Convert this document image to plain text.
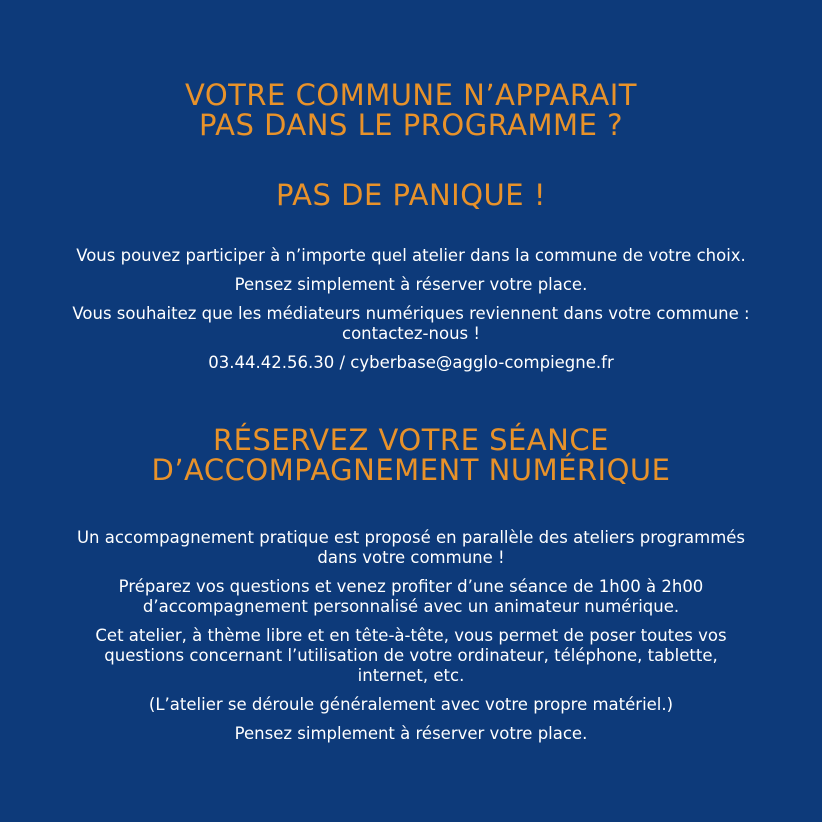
VOTRE COMMUNE N’APPARAIT

PAS DANS LE PROGRAMME ?

PAS DE PANIQUE !

Vous pouvez participer à n’importe quel atelier dans la commune de votre choix.

Pensez simplement à réserver votre place.

Vous souhaitez que les médiateurs numériques reviennent dans votre commune :

contactez-nous !

03.44.42.56.30 / cyberbase@agglo-compiegne.fr

RÉSERVEZ VOTRE SÉANCE

D’ACCOMPAGNEMENT NUMÉRIQUE

Un accompagnement pratique est proposé en parallèle des ateliers programmés

dans votre commune !

Préparez vos questions et venez profiter d’une séance de 1h00 à 2h00

d’accompagnement personnalisé avec un animateur numérique.

Cet atelier, à thème libre et en tête-à-tête, vous permet de poser toutes vos

questions concernant l’utilisation de votre ordinateur, téléphone, tablette,

internet, etc.

(L’atelier se déroule généralement avec votre propre matériel.)

Pensez simplement à réserver votre place.
